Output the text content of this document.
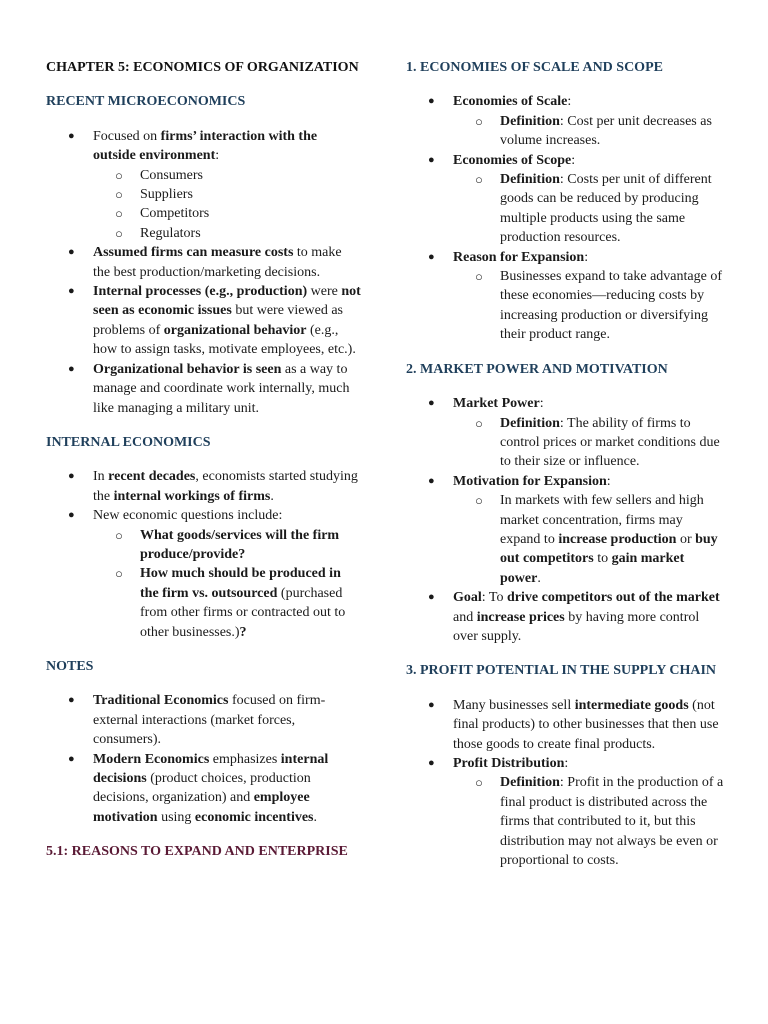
CHAPTER 5: ECONOMICS OF ORGANIZATION
RECENT MICROECONOMICS
● Focused on firms’ interaction with the outside environment:
○ Consumers
○ Suppliers
○ Competitors
○ Regulators
● Assumed firms can measure costs to make the best production/marketing decisions.
● Internal processes (e.g., production) were not seen as economic issues but were viewed as problems of organizational behavior (e.g., how to assign tasks, motivate employees, etc.).
● Organizational behavior is seen as a way to manage and coordinate work internally, much like managing a military unit.
INTERNAL ECONOMICS
● In recent decades, economists started studying the internal workings of firms.
● New economic questions include:
○ What goods/services will the firm produce/provide?
○ How much should be produced in the firm vs. outsourced (purchased from other firms or contracted out to other businesses.)?
NOTES
● Traditional Economics focused on firm-external interactions (market forces, consumers).
● Modern Economics emphasizes internal decisions (product choices, production decisions, organization) and employee motivation using economic incentives.
5.1: REASONS TO EXPAND AND ENTERPRISE
1. ECONOMIES OF SCALE AND SCOPE
● Economies of Scale:
○ Definition: Cost per unit decreases as volume increases.
● Economies of Scope:
○ Definition: Costs per unit of different goods can be reduced by producing multiple products using the same production resources.
● Reason for Expansion:
○ Businesses expand to take advantage of these economies—reducing costs by increasing production or diversifying their product range.
2. MARKET POWER AND MOTIVATION
● Market Power:
○ Definition: The ability of firms to control prices or market conditions due to their size or influence.
● Motivation for Expansion:
○ In markets with few sellers and high market concentration, firms may expand to increase production or buy out competitors to gain market power.
● Goal: To drive competitors out of the market and increase prices by having more control over supply.
3. PROFIT POTENTIAL IN THE SUPPLY CHAIN
● Many businesses sell intermediate goods (not final products) to other businesses that then use those goods to create final products.
● Profit Distribution:
○ Definition: Profit in the production of a final product is distributed across the firms that contributed to it, but this distribution may not always be even or proportional to costs.
